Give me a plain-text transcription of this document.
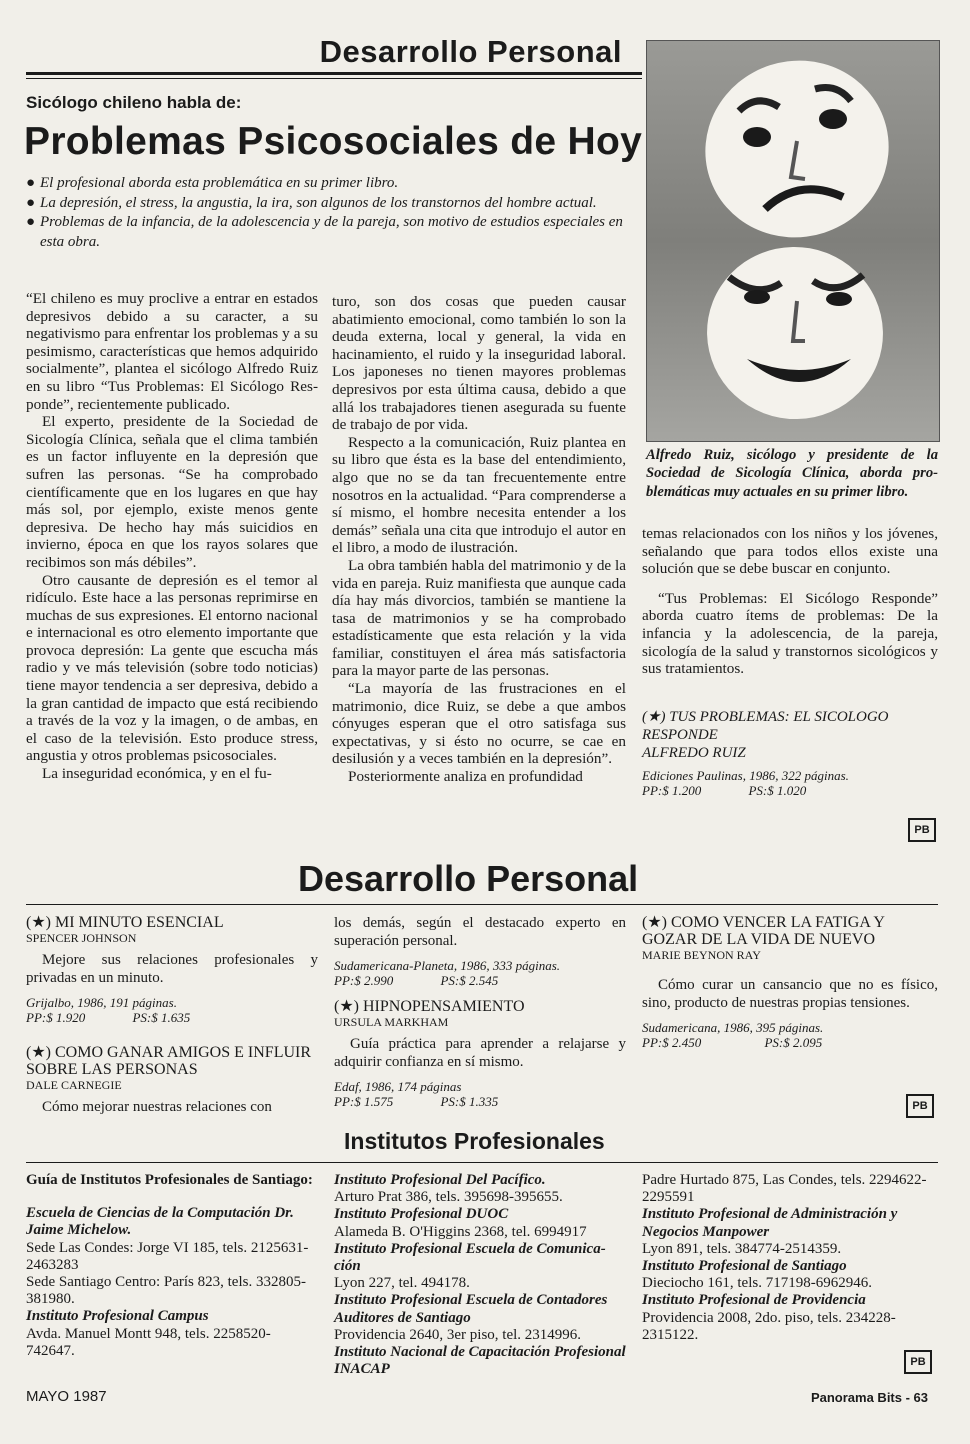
Desarrollo Personal
Sicólogo chileno habla de:
Problemas Psicosociales de Hoy
● El profesional aborda esta problemática en su primer libro.
● La depresión, el stress, la angustia, la ira, son algunos de los transtornos del hombre actual.
● Problemas de la infancia, de la adolescencia y de la pareja, son motivo de estudios especiales en esta obra.
Alfredo Ruiz, sicólogo y presidente de la Sociedad de Sicología Clínica, aborda problemáticas muy actuales en su primer libro.

“El chileno es muy proclive a entrar en estados depresivos debido a su caracter, a su negativismo para enfrentar los problemas y a su pesimismo, características que hemos adquirido socialmente”, plantea el sicólogo Alfredo Ruiz en su libro “Tus Problemas: El Sicólogo Responde”, recientemente publicado.

El experto, presidente de la Sociedad de Sicología Clínica, señala que el clima también es un factor influyente en la depresión que sufren las personas. “Se ha comprobado científicamente que en los lugares en que hay más sol, por ejemplo, existe menos gente depresiva. De hecho hay más suicidios en invierno, época en que los rayos solares que recibimos son más débiles”.

Otro causante de depresión es el temor al ridículo. Este hace a las personas reprimirse en muchas de sus expresiones. El entorno nacional e internacional es otro elemento importante que provoca depresión: La gente que escucha más radio y ve más televisión (sobre todo noticias) tiene mayor tendencia a ser depresiva, debido a la gran cantidad de impacto que está recibiendo a través de la voz y la imagen, o de ambas, en el caso de la televisión. Esto produce stress, angustia y otros problemas psicosociales.

La inseguridad económica, y en el fu-

turo, son dos cosas que pueden causar abatimiento emocional, como también lo son la deuda externa, local y general, la vida en hacinamiento, el ruido y la inseguridad laboral. Los japoneses no tienen mayores problemas depresivos por esta última causa, debido a que allá los trabajadores tienen asegurada su fuente de trabajo de por vida.

Respecto a la comunicación, Ruiz plantea en su libro que ésta es la base del entendimiento, algo que no se da tan frecuentemente entre nosotros en la actualidad. “Para comprenderse a sí mismo, el hombre necesita entender a los demás” señala una cita que introdujo el autor en el libro, a modo de ilustración.

La obra también habla del matrimonio y de la vida en pareja. Ruiz manifiesta que aunque cada día hay más divorcios, también se mantiene la tasa de matrimonios y se ha comprobado estadísticamente que esta relación y la vida familiar, constituyen el área más satisfactoria para la mayor parte de las personas.

“La mayoría de las frustraciones en el matrimonio, dice Ruiz, se debe a que ambos cónyuges esperan que el otro satisfaga sus expectativas, y si ésto no ocurre, se cae en desilusión y a veces también en la depresión”.

Posteriormente analiza en profundidad

temas relacionados con los niños y los jóvenes, señalando que para todos ellos existe una solución que se debe buscar en conjunto.

“Tus Problemas: El Sicólogo Responde” aborda cuatro ítems de problemas: De la infancia y la adolescencia, de la pareja, sicología de la salud y transtornos sicológicos y sus tratamientos.

(★) TUS PROBLEMAS: EL SICOLOGO RESPONDE
ALFREDO RUIZ
Ediciones Paulinas, 1986, 322 páginas.
PP:$ 1.200	PS:$ 1.020
PB
Desarrollo Personal
(★) MI MINUTO ESENCIAL
SPENCER JOHNSON

Mejore sus relaciones profesionales y privadas en un minuto.

Grijalbo, 1986, 191 páginas.
PP:$ 1.920	PS:$ 1.635
(★) COMO GANAR AMIGOS E INFLUIR SOBRE LAS PERSONAS
DALE CARNEGIE

Cómo mejorar nuestras relaciones con

los demás, según el destacado experto en superación personal.

Sudamericana-Planeta, 1986, 333 páginas.
PP:$ 2.990	PS:$ 2.545
(★) HIPNOPENSAMIENTO
URSULA MARKHAM

Guía práctica para aprender a relajarse y adquirir confianza en sí mismo.

Edaf, 1986, 174 páginas
PP:$ 1.575	PS:$ 1.335
(★) COMO VENCER LA FATIGA Y GOZAR DE LA VIDA DE NUEVO
MARIE BEYNON RAY

Cómo curar un cansancio que no es físico, sino, producto de nuestras propias tensiones.

Sudamericana, 1986, 395 páginas.
PP:$ 2.450	PS:$ 2.095
PB
Institutos Profesionales
Guía de Institutos Profesionales de Santiago:
Escuela de Ciencias de la Computación Dr. Jaime Michelow.
Sede Las Condes: Jorge VI 185, tels. 2125631- 2463283
Sede Santiago Centro: París 823, tels. 332805-381980.
Instituto Profesional Campus
Avda. Manuel Montt 948, tels. 2258520-742647.
Instituto Profesional Del Pacífico.
Arturo Prat 386, tels. 395698-395655.
Instituto Profesional DUOC
Alameda B. O'Higgins 2368, tel. 6994917
Instituto Profesional Escuela de Comunicación
Lyon 227, tel. 494178.
Instituto Profesional Escuela de Contadores Auditores de Santiago
Providencia 2640, 3er piso, tel. 2314996.
Instituto Nacional de Capacitación Profesional INACAP
Padre Hurtado 875, Las Condes, tels. 2294622-2295591
Instituto Profesional de Administración y Negocios Manpower
Lyon 891, tels. 384774-2514359.
Instituto Profesional de Santiago
Dieciocho 161, tels. 717198-6962946.
Instituto Profesional de Providencia
Providencia 2008, 2do. piso, tels. 234228-2315122.
PB
MAYO 1987	Panorama Bits - 63
